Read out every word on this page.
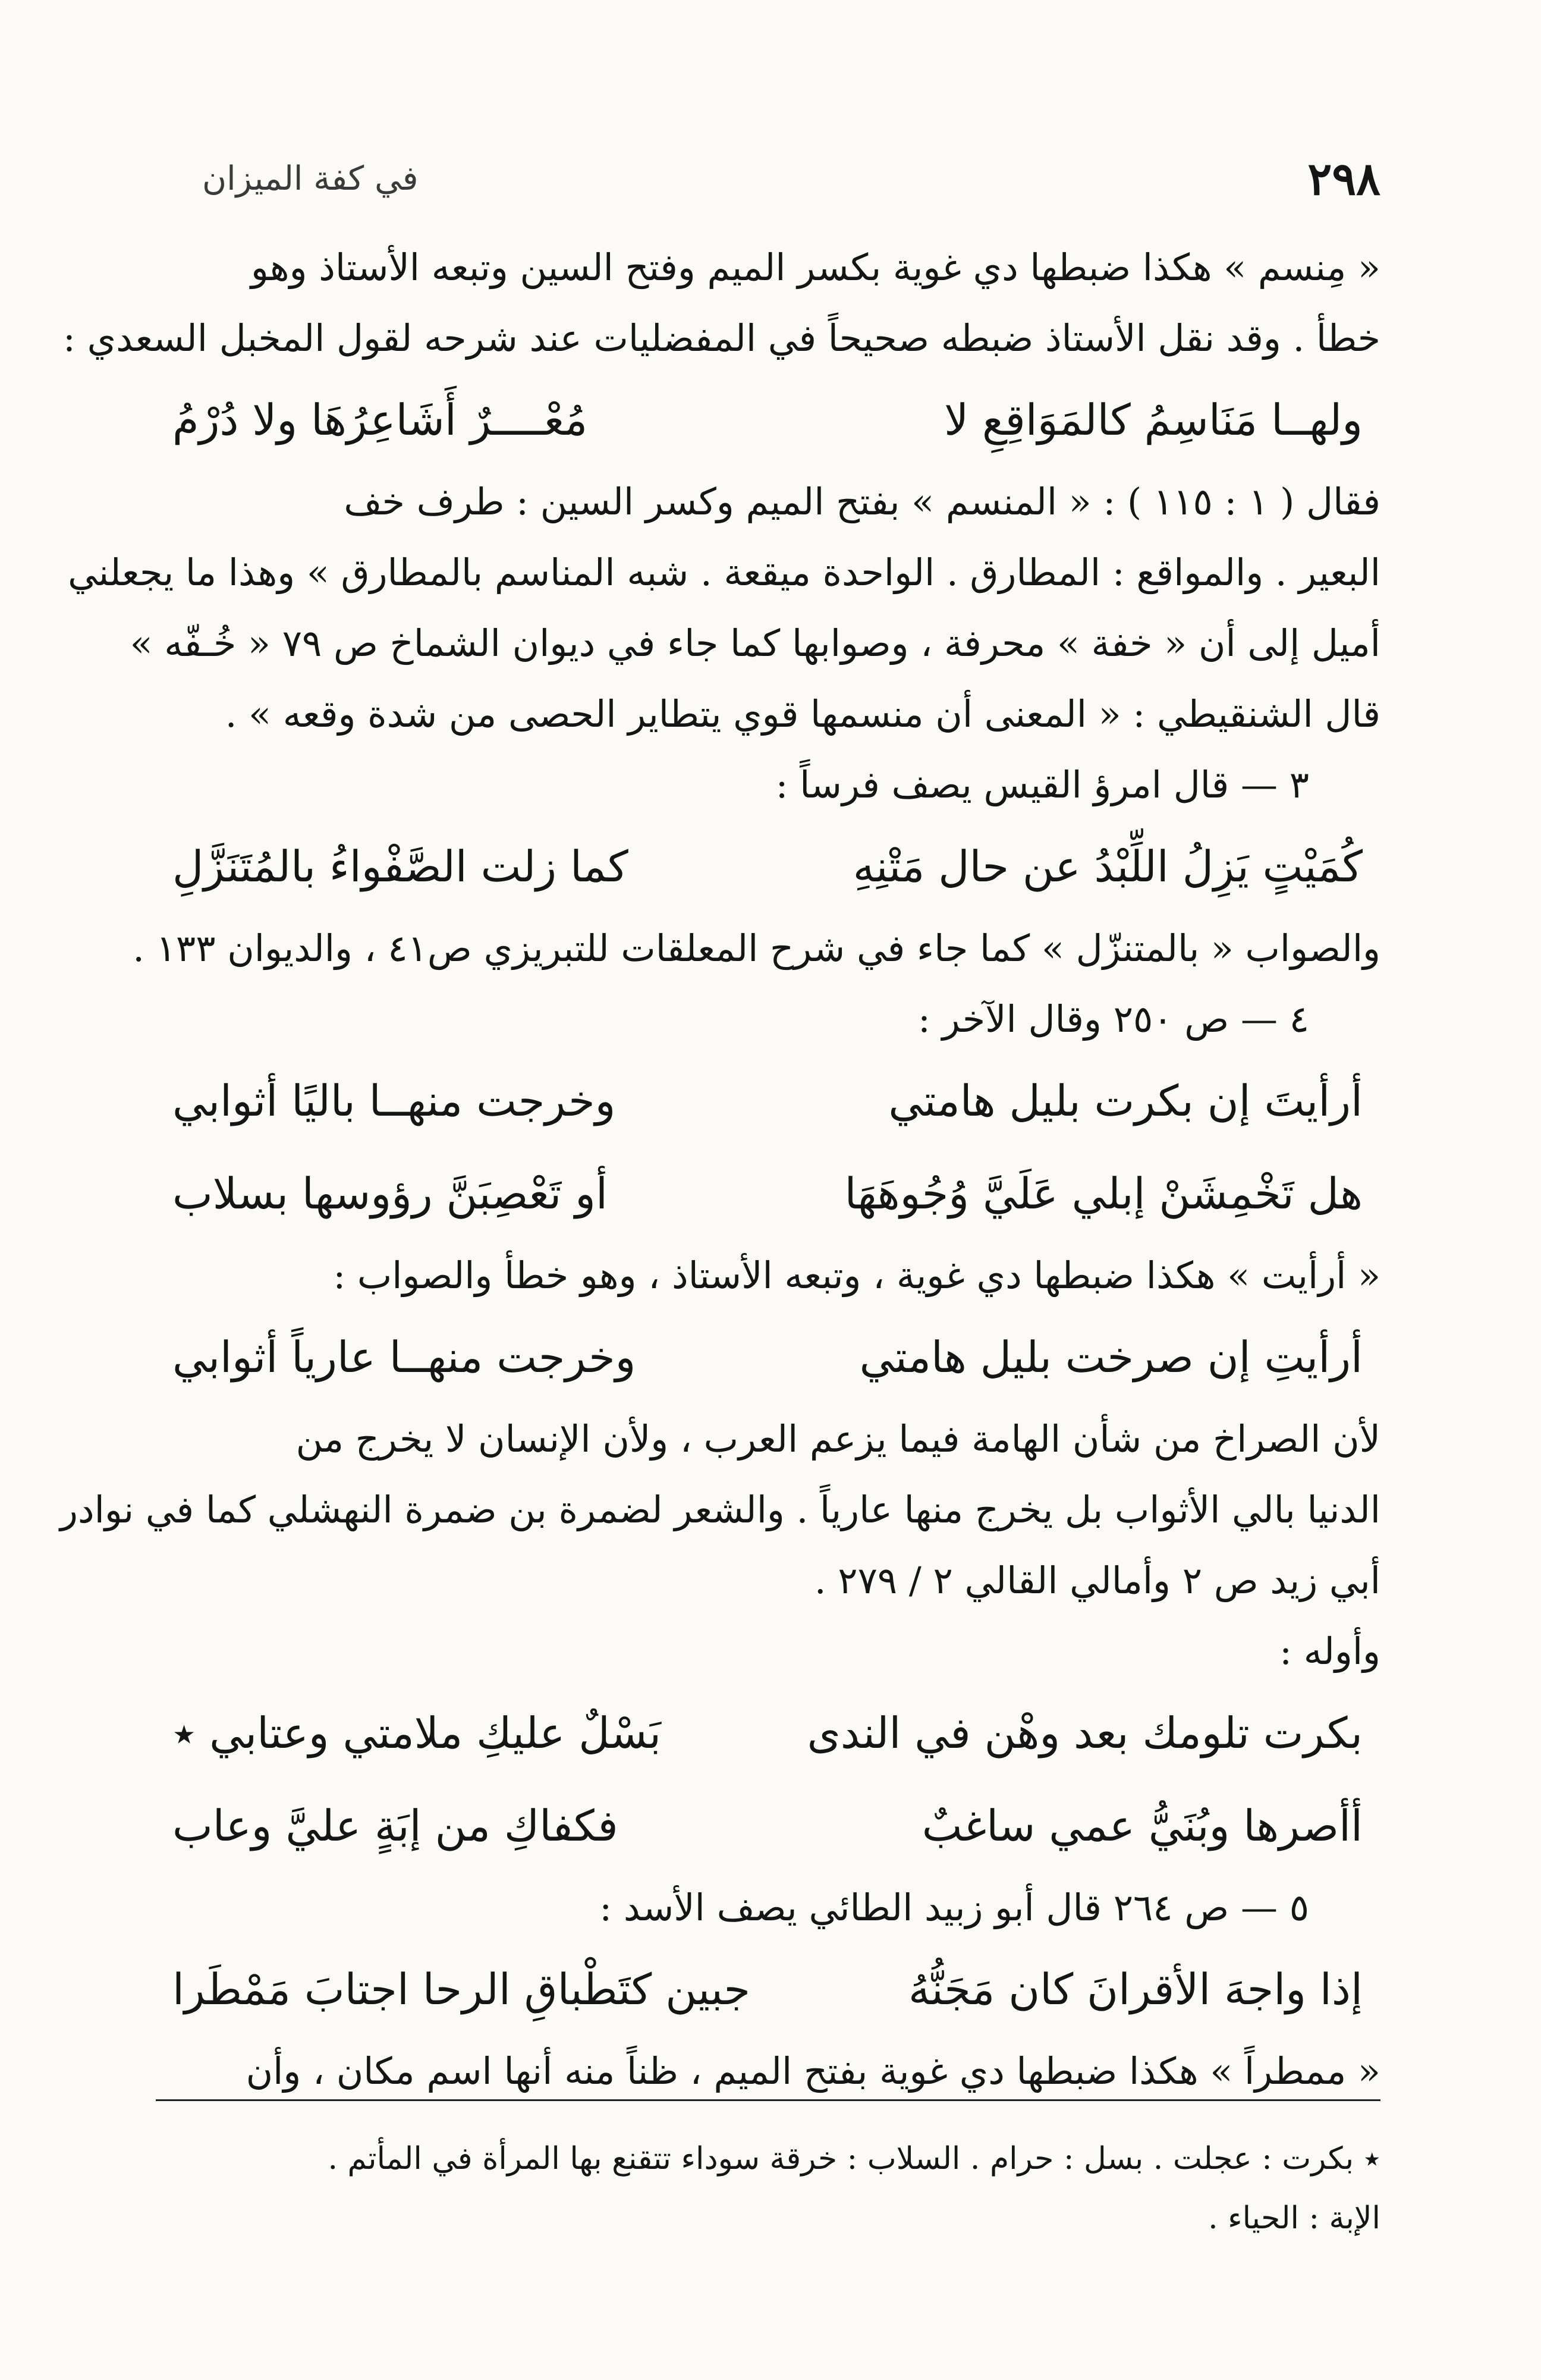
٢٩٨
في كفة الميزان
« مِنسم » هكذا ضبطها دي غوية بكسر الميم وفتح السين وتبعه الأستاذ وهو
خطأ . وقد نقل الأستاذ ضبطه صحيحاً في المفضليات عند شرحه لقول المخبل السعدي :
ولهــا مَنَاسِمُ كالمَوَاقِعِ لا
مُعْــــرٌ أَشَاعِرُهَا ولا دُرْمُ
فقال ( ١ : ١١٥ ) : « المنسم » بفتح الميم وكسر السين : طرف خف
البعير . والمواقع : المطارق . الواحدة ميقعة . شبه المناسم بالمطارق » وهذا ما يجعلني
أميل إلى أن « خفة » محرفة ، وصوابها كما جاء في ديوان الشماخ ص ٧٩ « خُـفّه »
قال الشنقيطي : « المعنى أن منسمها قوي يتطاير الحصى من شدة وقعه » .
٣ — قال امرؤ القيس يصف فرساً :
كُمَيْتٍ يَزِلُ اللِّبْدُ عن حال مَتْنِهِ
كما زلت الصَّفْواءُ بالمُتَنَزَّلِ
والصواب « بالمتنزّل » كما جاء في شرح المعلقات للتبريزي ص٤١ ، والديوان ١٣٣ .
٤ — ص ٢٥٠ وقال الآخر :
أرأيتَ إن بكرت بليل هامتي
وخرجت منهــا باليًا أثوابي
هل تَخْمِشَنْ إبلي عَلَيَّ وُجُوهَهَا
أو تَعْصِبَنَّ رؤوسها بسلاب
« أرأيت » هكذا ضبطها دي غوية ، وتبعه الأستاذ ، وهو خطأ والصواب :
أرأيتِ إن صرخت بليل هامتي
وخرجت منهــا عارياً أثوابي
لأن الصراخ من شأن الهامة فيما يزعم العرب ، ولأن الإنسان لا يخرج من
الدنيا بالي الأثواب بل يخرج منها عارياً . والشعر لضمرة بن ضمرة النهشلي كما في نوادر
أبي زيد ص ٢ وأمالي القالي ٢ / ٢٧٩ .
وأوله :
بكرت تلومك بعد وهْن في الندى
بَسْلٌ عليكِ ملامتي وعتابي ٭
أأصرها وبُنَيُّ عمي ساغبٌ
فكفاكِ من إبَةٍ عليَّ وعاب
٥ — ص ٢٦٤ قال أبو زبيد الطائي يصف الأسد :
إذا واجهَ الأقرانَ كان مَجَنُّهُ
جبين كتَطْباقِ الرحا اجتابَ مَمْطَرا
« ممطراً » هكذا ضبطها دي غوية بفتح الميم ، ظناً منه أنها اسم مكان ، وأن
٭ بكرت : عجلت . بسل : حرام . السلاب : خرقة سوداء تتقنع بها المرأة في المأتم .
الإبة : الحياء .
